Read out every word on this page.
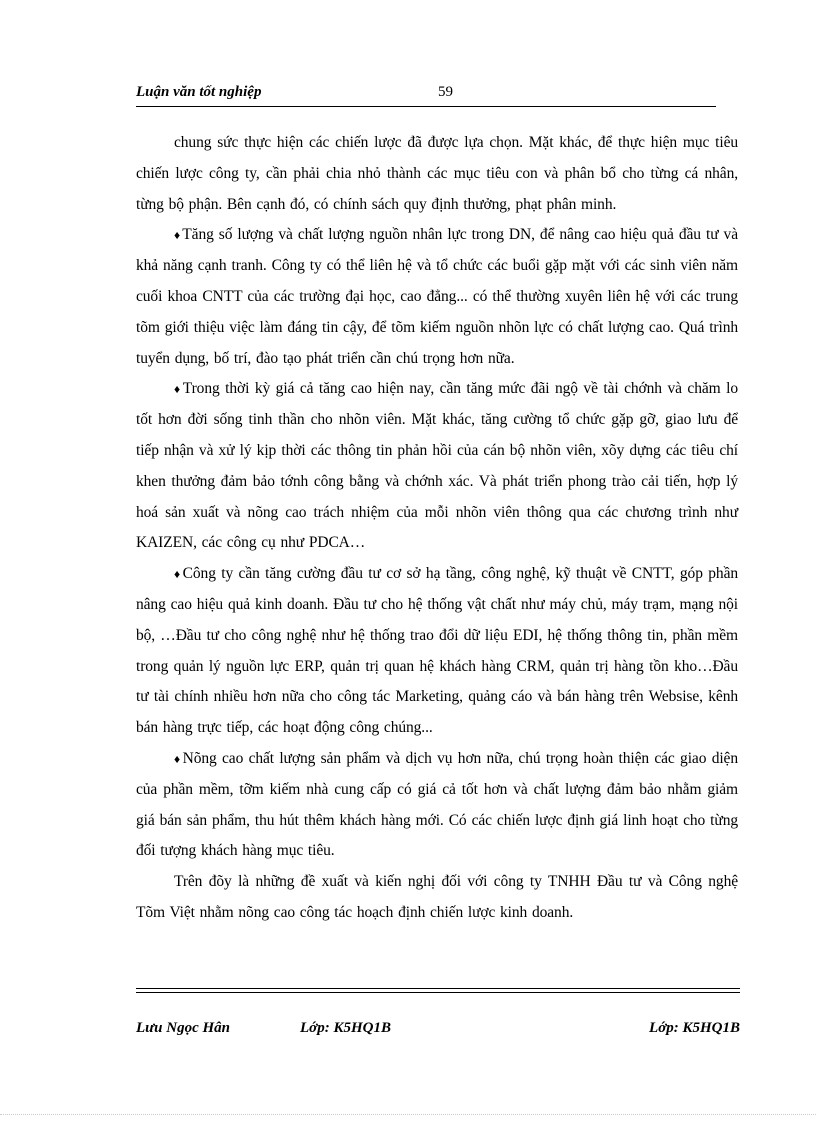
Luận văn tốt nghiệp	59

chung sức thực hiện các chiến lược đã được lựa chọn. Mặt khác, để thực hiện mục tiêu chiến lược công ty, cần phải chia nhỏ thành các mục tiêu con và phân bổ cho từng cá nhân, từng bộ phận. Bên cạnh đó, có chính sách quy định thưởng, phạt phân minh.

♦ Tăng số lượng và chất lượng nguồn nhân lực trong DN, để nâng cao hiệu quả đầu tư và khả năng cạnh tranh. Công ty có thể liên hệ và tổ chức các buổi gặp mặt với các sinh viên năm cuối khoa CNTT của các trường đại học, cao đẳng... có thể thường xuyên liên hệ với các trung tõm giới thiệu việc làm đáng tin cậy, để tõm kiếm nguồn nhõn lực có chất lượng cao. Quá trình tuyển dụng, bố trí, đào tạo phát triển cần chú trọng hơn nữa.

♦ Trong thời kỳ giá cả tăng cao hiện nay, cần tăng mức đãi ngộ về tài chớnh và chăm lo tốt hơn đời sống tinh thần cho nhõn viên. Mặt khác, tăng cường tổ chức gặp gỡ, giao lưu để tiếp nhận và xử lý kịp thời các thông tin phản hồi của cán bộ nhõn viên, xõy dựng các tiêu chí khen thưởng đảm bảo tớnh công bằng và chớnh xác. Và phát triển phong trào cải tiến, hợp lý hoá sản xuất và nõng cao trách nhiệm của mỗi nhõn viên thông qua các chương trình như KAIZEN, các công cụ như PDCA…

♦ Công ty cần tăng cường đầu tư cơ sở hạ tầng, công nghệ, kỹ thuật về CNTT, góp phần nâng cao hiệu quả kinh doanh. Đầu tư cho hệ thống vật chất như máy chủ, máy trạm, mạng nội bộ, …Đầu tư cho công nghệ như hệ thống trao đổi dữ liệu EDI, hệ thống thông tin, phần mềm trong quản lý nguồn lực ERP, quản trị quan hệ khách hàng CRM, quản trị hàng tồn kho…Đầu tư tài chính nhiều hơn nữa cho công tác Marketing, quảng cáo và bán hàng trên Websise, kênh bán hàng trực tiếp, các hoạt động công chúng...

♦ Nõng cao chất lượng sản phẩm và dịch vụ hơn nữa, chú trọng hoàn thiện các giao diện của phần mềm, tỡm kiếm nhà cung cấp có giá cả tốt hơn và chất lượng đảm bảo nhằm giảm giá bán sản phẩm, thu hút thêm khách hàng mới. Có các chiến lược định giá linh hoạt cho từng đối tượng khách hàng mục tiêu.

Trên đõy là những đề xuất và kiến nghị đối với công ty TNHH Đầu tư và Công nghệ Tõm Việt nhằm nõng cao công tác hoạch định chiến lược kinh doanh.

Lưu Ngọc Hân	Lớp: K5HQ1B	Lớp: K5HQ1B
